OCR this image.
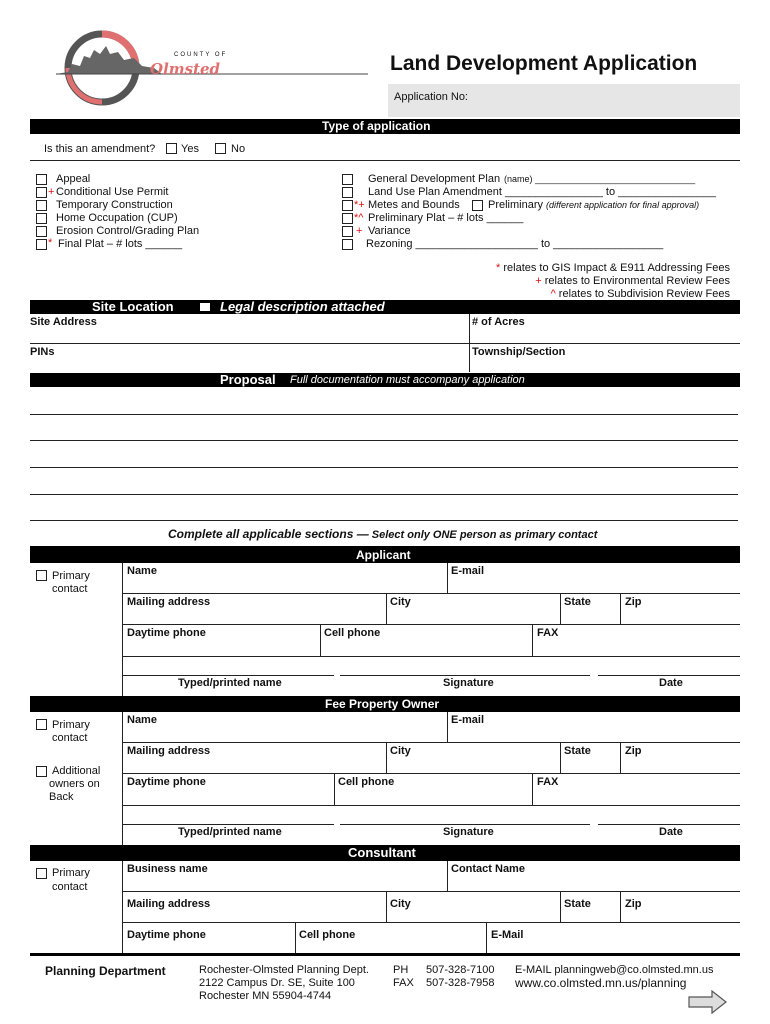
COUNTY OF
Olmsted	Land Development Application
Application No:
Type of application
Is this an amendment? Yes	No
Appeal
+ Conditional Use Permit
Temporary Construction
Home Occupation (CUP)
Erosion Control/Grading Plan
* Final Plat – # lots ______
General Development Plan (name) ________________________________
Land Use Plan Amendment ________________ to ________________
*+ Metes and Bounds	Preliminary (different application for final approval)
*^ Preliminary Plat – # lots ______
+ Variance
Rezoning ____________________ to __________________
* relates to GIS Impact & E911 Addressing Fees
+ relates to Environmental Review Fees
^ relates to Subdivision Review Fees
Site Location	Legal description attached
Site Address	# of Acres
PINs	Township/Section
Proposal Full documentation must accompany application
Complete all applicable sections — Select only ONE person as primary contact
Applicant
Primary
contact
Name	E-mail
Mailing address	City	State	Zip
Daytime phone	Cell phone	FAX
Typed/printed name	Signature	Date
Fee Property Owner
Primary
contact
Additional
owners on
Back
Name	E-mail
Mailing address	City	State	Zip
Daytime phone	Cell phone	FAX
Typed/printed name	Signature	Date
Consultant
Primary
contact
Business name	Contact Name
Mailing address	City	State	Zip
Daytime phone	Cell phone	E-Mail
Planning Department	Rochester-Olmsted Planning Dept.
2122 Campus Dr. SE, Suite 100
Rochester MN 55904-4744
PH 507-328-7100
FAX 507-328-7958
E-MAIL planningweb@co.olmsted.mn.us
www.co.olmsted.mn.us/planning
